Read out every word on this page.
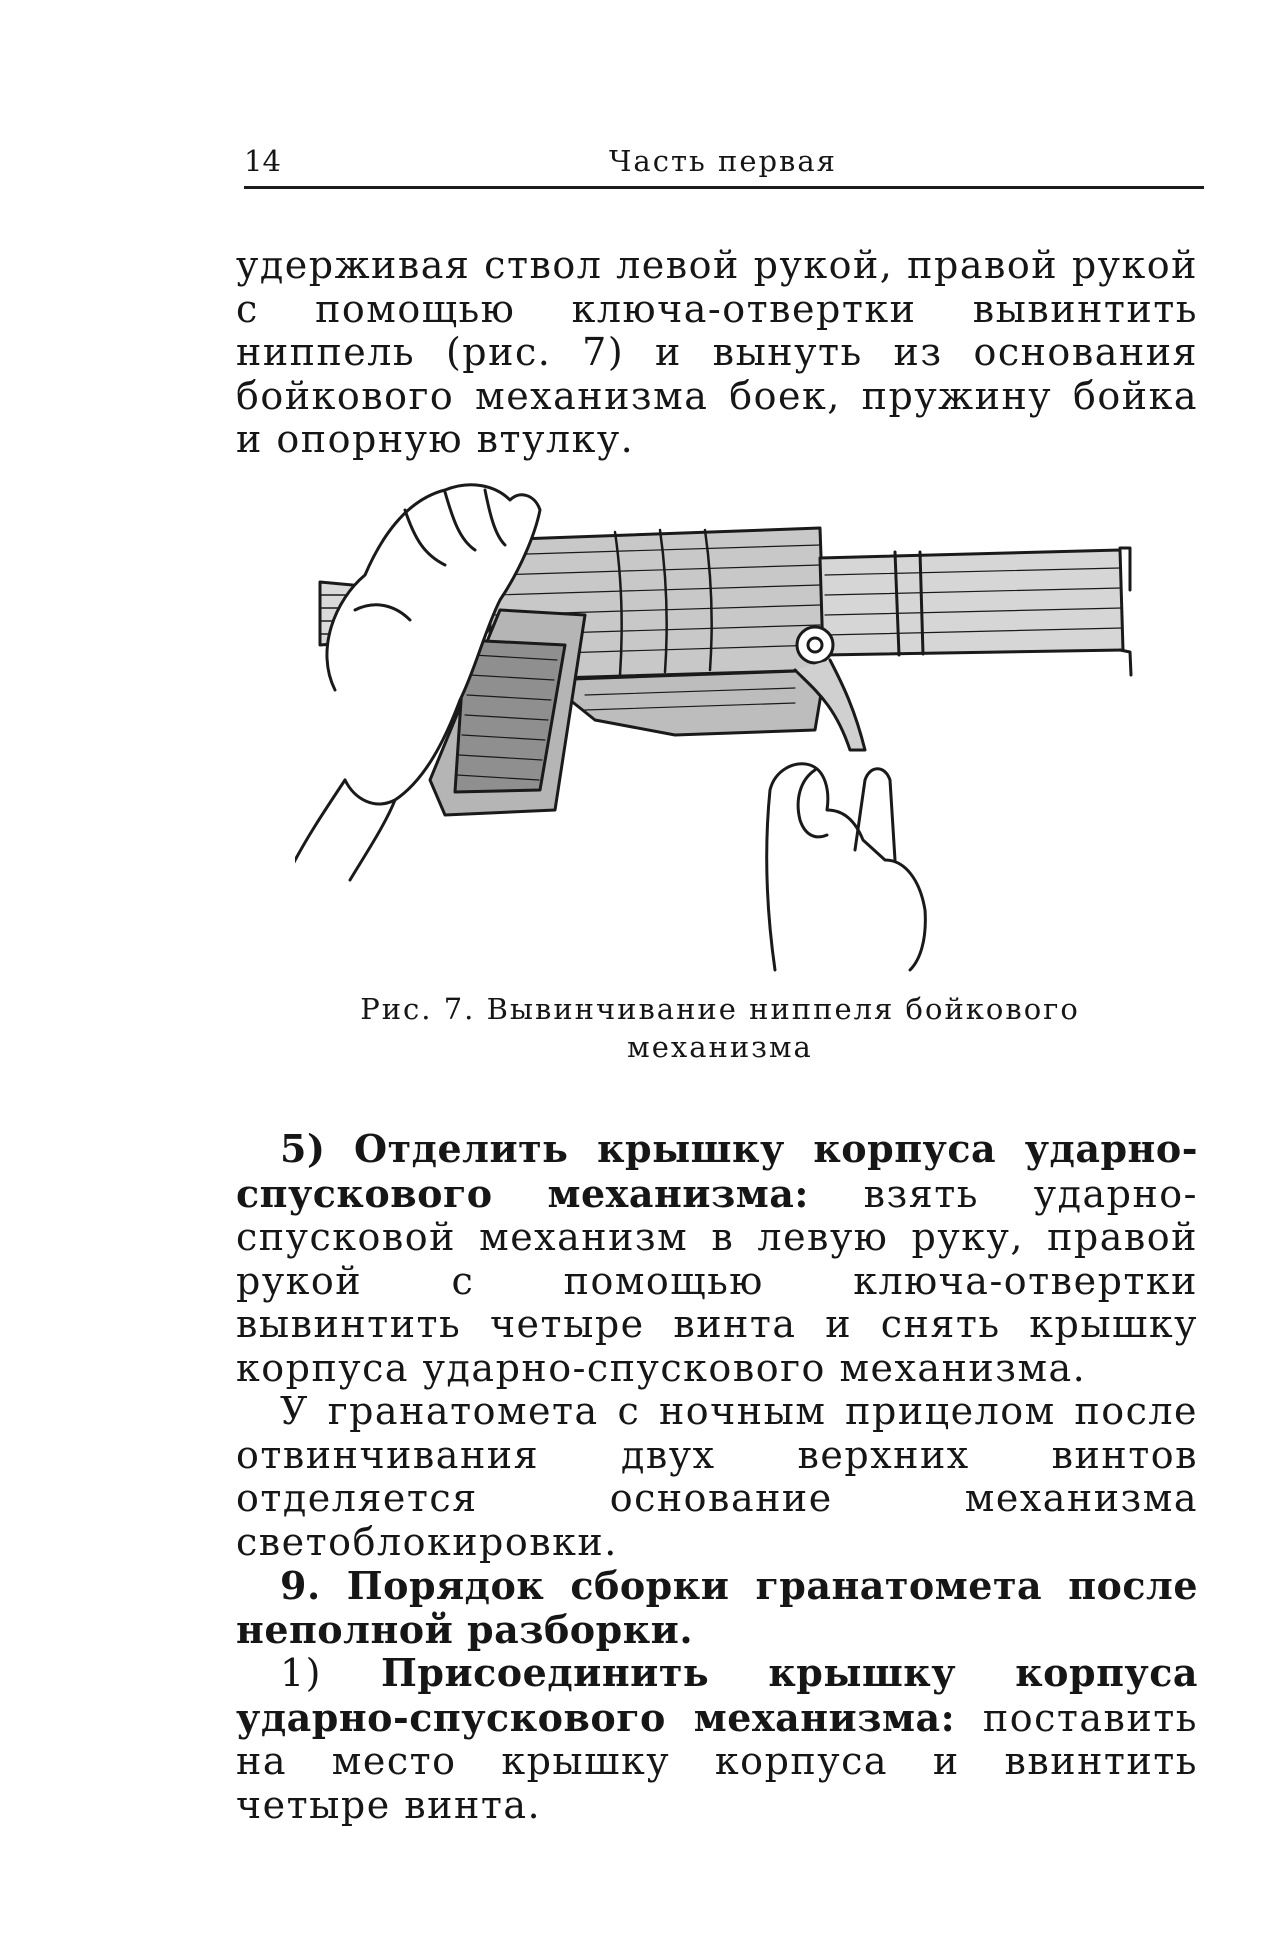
14	Часть первая

удерживая ствол левой рукой, правой рукой с помощью ключа-отвертки вывинтить ниппель (рис. 7) и вынуть из основания бойкового механизма боек, пружину бойка и опорную втулку.

Рис. 7. Вывинчивание ниппеля бойкового механизма

5) Отделить крышку корпуса ударно-спускового механизма: взять ударно-спусковой механизм в левую руку, правой рукой с помощью ключа-отвертки вывинтить четыре винта и снять крышку корпуса ударно-спускового механизма.

У гранатомета с ночным прицелом после отвинчивания двух верхних винтов отделяется основание механизма светоблокировки.

9. Порядок сборки гранатомета после неполной разборки.

1) Присоединить крышку корпуса ударно-спускового механизма: поставить на место крышку корпуса и ввинтить четыре винта.
